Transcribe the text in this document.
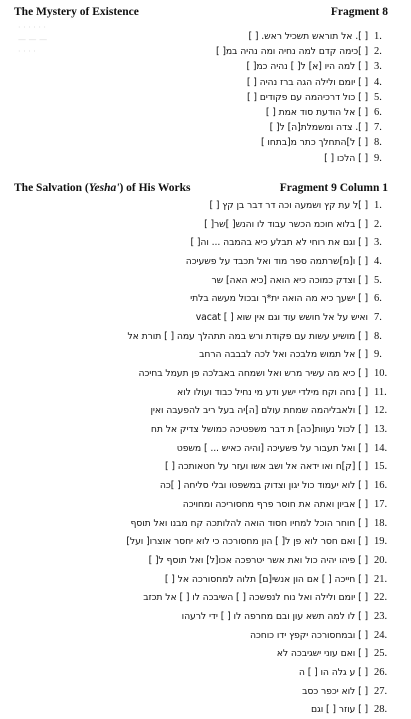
· · · · · ·
— — —
· · · ·
The Mystery of Existence	Fragment 8
[ ]. אל תוראש תשכיל ראש. [ ] 1.
[ ]כי‏מה קדם למה נחיה ומה נהיה במ[ ] 2.
[ ] למה היו [א] ל[ ] נהיה כמ[ ] 3.
[ ] יומם ולילה הגה ברז נהיה [ ] 4.
[ ] כול דרכיהמה עם פקודים [ ] 5.
[ ] אל הודעת סוד אמת [ ] 6.
[ ]. צדה ומשמלת[ה] ל[ ] 7.
[ ] ל]התחלך כתר מ[בתחו ] 8.
[ ] הלכו [ ] 9.
The Salvation (Yesha') of His Works	Fragment 9 Column 1
[ ]ל עת קץ ושמעה וכה דר דבר בן קץ [ ] 1.
[ ] בלוא חוכמ הכשר עבוד לו והנש[ ]שר[ ] 2.
[ ] וגם את רוחי לא תבלע כיא בהמבה ... וה[ ] 3.
[ ] ו[מ]שרתמה ספר מוד ואל תכבד על פשעיכה 4.
[ ] וצדק כמוכה כיא הואה [כיא האה] שר 5.
[ ] ישעך כיא מה הואה ית*ך ובכול מעשה בלתי 6.
ואיש על אל חושש עוד וגם אין שוא [ ] vacat 7.
[ ] מושיע עשות עם פקודת ורש במה תתהלך עמה [ ] תורת אל 8.
[ ] אל תמוש מלבכה ואל לכה לבבבה הרחב 9.
[ ] כיא מה עשיר מרש ואל ושמחה באבלכה פן תעמל בחיכה 10.
[ ] נחה וקח מילדי ישע ודע מי נחיל כבוד ועולו לוא 11.
[ ] ולאבליהמה שמחת עולם [ה]יה בעל ריב להפעבה ואין 12.
[ ] לכול נעוות[כה] ת דבר משפטיכה כמושל צדיק אל תח 13.
[ ] ואל תעבור על פשעיכה [והיה כאיש ... ] משפט 14.
[ ] [ק]ח ואו ידאה אל ושב אשו ועזר על חטאותכה [ ] 15.
[ ] לוא יעמוד כול יגון וצדוק במשפטו ובלי סליחה [ ]כה 16.
[ ] אביון ואתה את חוסר פרף מחסוריכה ומחויכה 17.
[ ] חוחר הוכל למחיו חסוד הואה להלותכה קח מבנו ואל תוסף 18.
[ ] ואם חסר לוא פן ל[ ] הון מחסורכה כי לוא יחסר אוצרו[ ועל] 19.
[ ] פיהו יהיה כול ואת אשר יטרפכה אכו[ל] ואל תוסף ל[ ] 20.
[ ] חייכה [ ] אם הון אנשי[ם] תלוה למחסורכה אל [ ] 21.
[ ] יומם ולילה ואל נוח לנפשכה [ ] השיבכה לו [ ] אל תכזב 22.
[ ] לו למה תשא עון ובם מחרפה לו [ ] ידי לרעהו 23.
[ ] ובמחסורכה יקפץ ידו כוחכה 24.
[ ] ואם עוני ישגיבכה לא 25.
[ ] ע גלה הו [ ] ה 26.
[ ] לוא יכפר כסב 27.
[ ] עוזר [ ] וגם 28.
